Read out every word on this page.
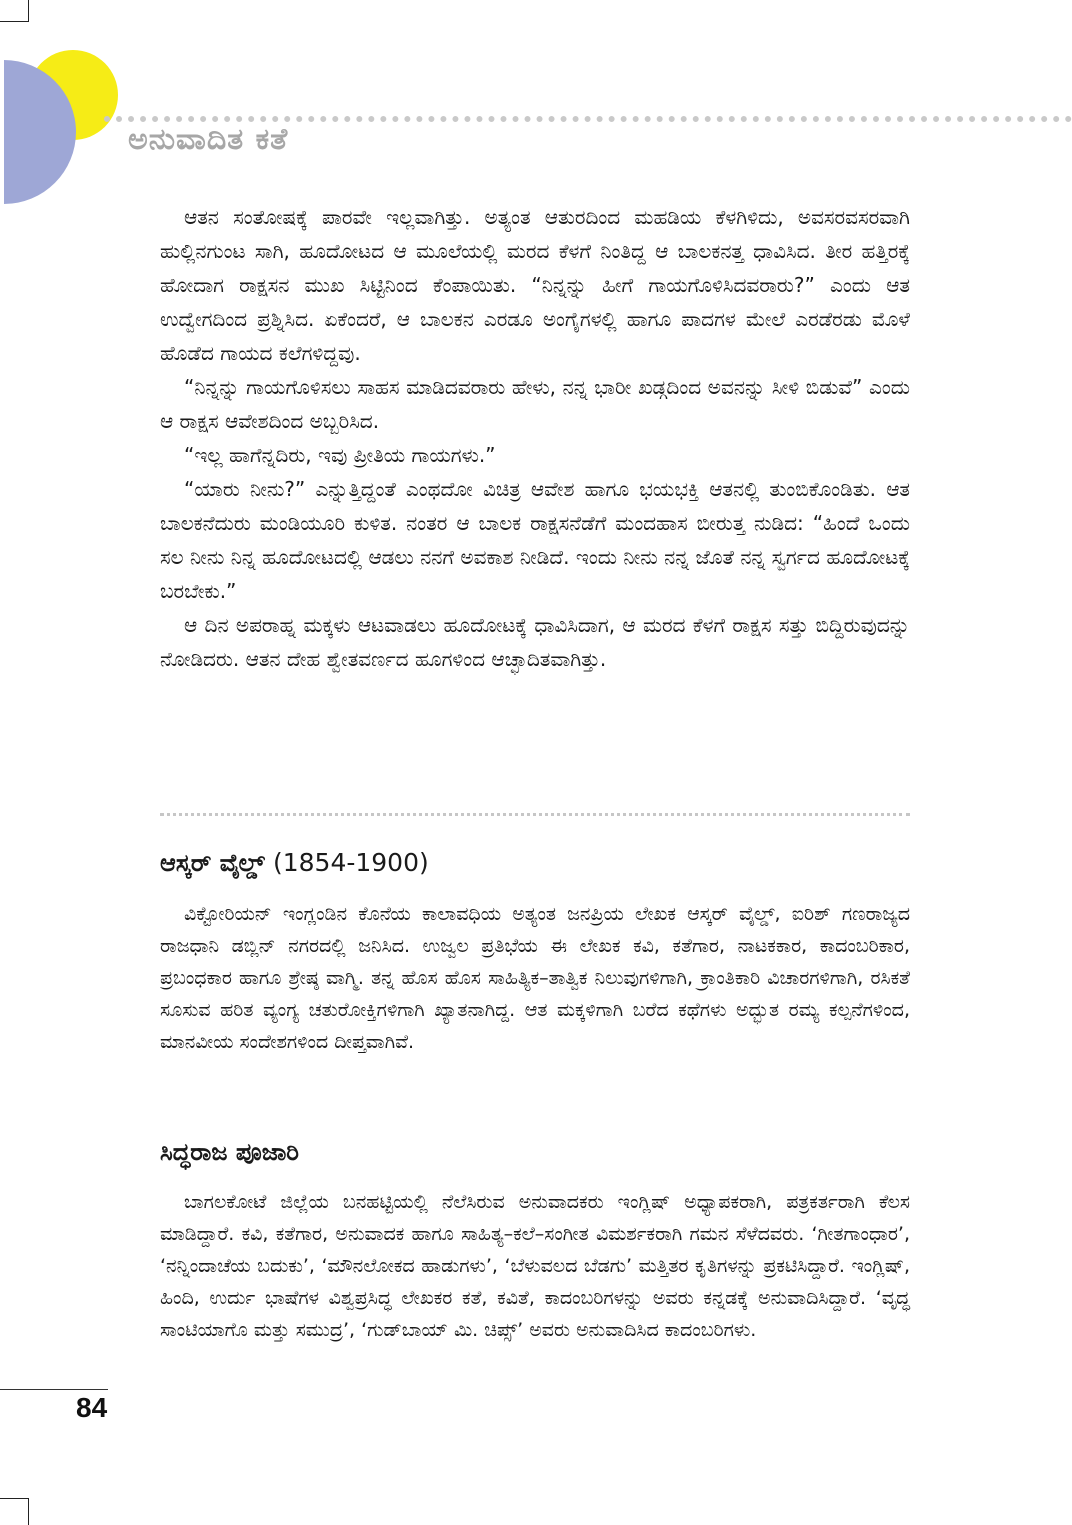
ಅನುವಾದಿತ ಕತೆ

ಆತನ ಸಂತೋಷಕ್ಕೆ ಪಾರವೇ ಇಲ್ಲವಾಗಿತ್ತು. ಅತ್ಯಂತ ಆತುರದಿಂದ ಮಹಡಿಯ ಕೆಳಗಿಳಿದು, ಅವಸರವಸರವಾಗಿ ಹುಲ್ಲಿನಗುಂಟ ಸಾಗಿ, ಹೂದೋಟದ ಆ ಮೂಲೆಯಲ್ಲಿ ಮರದ ಕೆಳಗೆ ನಿಂತಿದ್ದ ಆ ಬಾಲಕನತ್ತ ಧಾವಿಸಿದ. ತೀರ ಹತ್ತಿರಕ್ಕೆ ಹೋದಾಗ ರಾಕ್ಷಸನ ಮುಖ ಸಿಟ್ಟಿನಿಂದ ಕೆಂಪಾಯಿತು. “ನಿನ್ನನ್ನು ಹೀಗೆ ಗಾಯಗೊಳಿಸಿದವರಾರು?” ಎಂದು ಆತ ಉದ್ವೇಗದಿಂದ ಪ್ರಶ್ನಿಸಿದ. ಏಕೆಂದರೆ, ಆ ಬಾಲಕನ ಎರಡೂ ಅಂಗೈಗಳಲ್ಲಿ ಹಾಗೂ ಪಾದಗಳ ಮೇಲೆ ಎರಡೆರಡು ಮೊಳೆ ಹೊಡೆದ ಗಾಯದ ಕಲೆಗಳಿದ್ದವು.

“ನಿನ್ನನ್ನು ಗಾಯಗೊಳಿಸಲು ಸಾಹಸ ಮಾಡಿದವರಾರು ಹೇಳು, ನನ್ನ ಭಾರೀ ಖಡ್ಗದಿಂದ ಅವನನ್ನು ಸೀಳಿ ಬಿಡುವೆ” ಎಂದು ಆ ರಾಕ್ಷಸ ಆವೇಶದಿಂದ ಅಬ್ಬರಿಸಿದ.

“ಇಲ್ಲ ಹಾಗೆನ್ನದಿರು, ಇವು ಪ್ರೀತಿಯ ಗಾಯಗಳು.”

“ಯಾರು ನೀನು?” ಎನ್ನುತ್ತಿದ್ದಂತೆ ಎಂಥದೋ ವಿಚಿತ್ರ ಆವೇಶ ಹಾಗೂ ಭಯಭಕ್ತಿ ಆತನಲ್ಲಿ ತುಂಬಿಕೊಂಡಿತು. ಆತ ಬಾಲಕನೆದುರು ಮಂಡಿಯೂರಿ ಕುಳಿತ. ನಂತರ ಆ ಬಾಲಕ ರಾಕ್ಷಸನೆಡೆಗೆ ಮಂದಹಾಸ ಬೀರುತ್ತ ನುಡಿದ: “ಹಿಂದೆ ಒಂದು ಸಲ ನೀನು ನಿನ್ನ ಹೂದೋಟದಲ್ಲಿ ಆಡಲು ನನಗೆ ಅವಕಾಶ ನೀಡಿದೆ. ಇಂದು ನೀನು ನನ್ನ ಜೊತೆ ನನ್ನ ಸ್ವರ್ಗದ ಹೂದೋಟಕ್ಕೆ ಬರಬೇಕು.”

ಆ ದಿನ ಅಪರಾಹ್ನ ಮಕ್ಕಳು ಆಟವಾಡಲು ಹೂದೋಟಕ್ಕೆ ಧಾವಿಸಿದಾಗ, ಆ ಮರದ ಕೆಳಗೆ ರಾಕ್ಷಸ ಸತ್ತು ಬಿದ್ದಿರುವುದನ್ನು ನೋಡಿದರು. ಆತನ ದೇಹ ಶ್ವೇತವರ್ಣದ ಹೂಗಳಿಂದ ಆಚ್ಛಾದಿತವಾಗಿತ್ತು.

ಆಸ್ಕರ್ ವೈಲ್ಡ್ (1854-1900)

ವಿಕ್ಟೋರಿಯನ್ ಇಂಗ್ಲಂಡಿನ ಕೊನೆಯ ಕಾಲಾವಧಿಯ ಅತ್ಯಂತ ಜನಪ್ರಿಯ ಲೇಖಕ ಆಸ್ಕರ್ ವೈಲ್ಡ್, ಐರಿಶ್ ಗಣರಾಜ್ಯದ ರಾಜಧಾನಿ ಡಬ್ಲಿನ್ ನಗರದಲ್ಲಿ ಜನಿಸಿದ. ಉಜ್ವಲ ಪ್ರತಿಭೆಯ ಈ ಲೇಖಕ ಕವಿ, ಕತೆಗಾರ, ನಾಟಕಕಾರ, ಕಾದಂಬರಿಕಾರ, ಪ್ರಬಂಧಕಾರ ಹಾಗೂ ಶ್ರೇಷ್ಠ ವಾಗ್ಮಿ. ತನ್ನ ಹೊಸ ಹೊಸ ಸಾಹಿತ್ಯಿಕ–ತಾತ್ವಿಕ ನಿಲುವುಗಳಿಗಾಗಿ, ಕ್ರಾಂತಿಕಾರಿ ವಿಚಾರಗಳಿಗಾಗಿ, ರಸಿಕತೆ ಸೂಸುವ ಹರಿತ ವ್ಯಂಗ್ಯ ಚತುರೋಕ್ತಿಗಳಿಗಾಗಿ ಖ್ಯಾತನಾಗಿದ್ದ. ಆತ ಮಕ್ಕಳಿಗಾಗಿ ಬರೆದ ಕಥೆಗಳು ಅದ್ಭುತ ರಮ್ಯ ಕಲ್ಪನೆಗಳಿಂದ, ಮಾನವೀಯ ಸಂದೇಶಗಳಿಂದ ದೀಪ್ತವಾಗಿವೆ.

ಸಿದ್ಧರಾಜ ಪೂಜಾರಿ

ಬಾಗಲಕೋಟೆ ಜಿಲ್ಲೆಯ ಬನಹಟ್ಟಿಯಲ್ಲಿ ನೆಲೆಸಿರುವ ಅನುವಾದಕರು ಇಂಗ್ಲಿಷ್ ಅಧ್ಯಾಪಕರಾಗಿ, ಪತ್ರಕರ್ತರಾಗಿ ಕೆಲಸ ಮಾಡಿದ್ದಾರೆ. ಕವಿ, ಕತೆಗಾರ, ಅನುವಾದಕ ಹಾಗೂ ಸಾಹಿತ್ಯ–ಕಲೆ–ಸಂಗೀತ ವಿಮರ್ಶಕರಾಗಿ ಗಮನ ಸೆಳೆದವರು. ‘ಗೀತಗಾಂಧಾರ’, ‘ನನ್ನಿಂದಾಚೆಯ ಬದುಕು’, ‘ಮೌನಲೋಕದ ಹಾಡುಗಳು’, ‘ಬೆಳುವಲದ ಬೆಡಗು’ ಮತ್ತಿತರ ಕೃತಿಗಳನ್ನು ಪ್ರಕಟಿಸಿದ್ದಾರೆ. ಇಂಗ್ಲಿಷ್, ಹಿಂದಿ, ಉರ್ದು ಭಾಷೆಗಳ ವಿಶ್ವಪ್ರಸಿದ್ಧ ಲೇಖಕರ ಕತೆ, ಕವಿತೆ, ಕಾದಂಬರಿಗಳನ್ನು ಅವರು ಕನ್ನಡಕ್ಕೆ ಅನುವಾದಿಸಿದ್ದಾರೆ. ‘ವೃದ್ಧ ಸಾಂಟಿಯಾಗೊ ಮತ್ತು ಸಮುದ್ರ’, ‘ಗುಡ್‌ಬಾಯ್ ಮಿ. ಚಿಪ್ಸ್’ ಅವರು ಅನುವಾದಿಸಿದ ಕಾದಂಬರಿಗಳು.

84
